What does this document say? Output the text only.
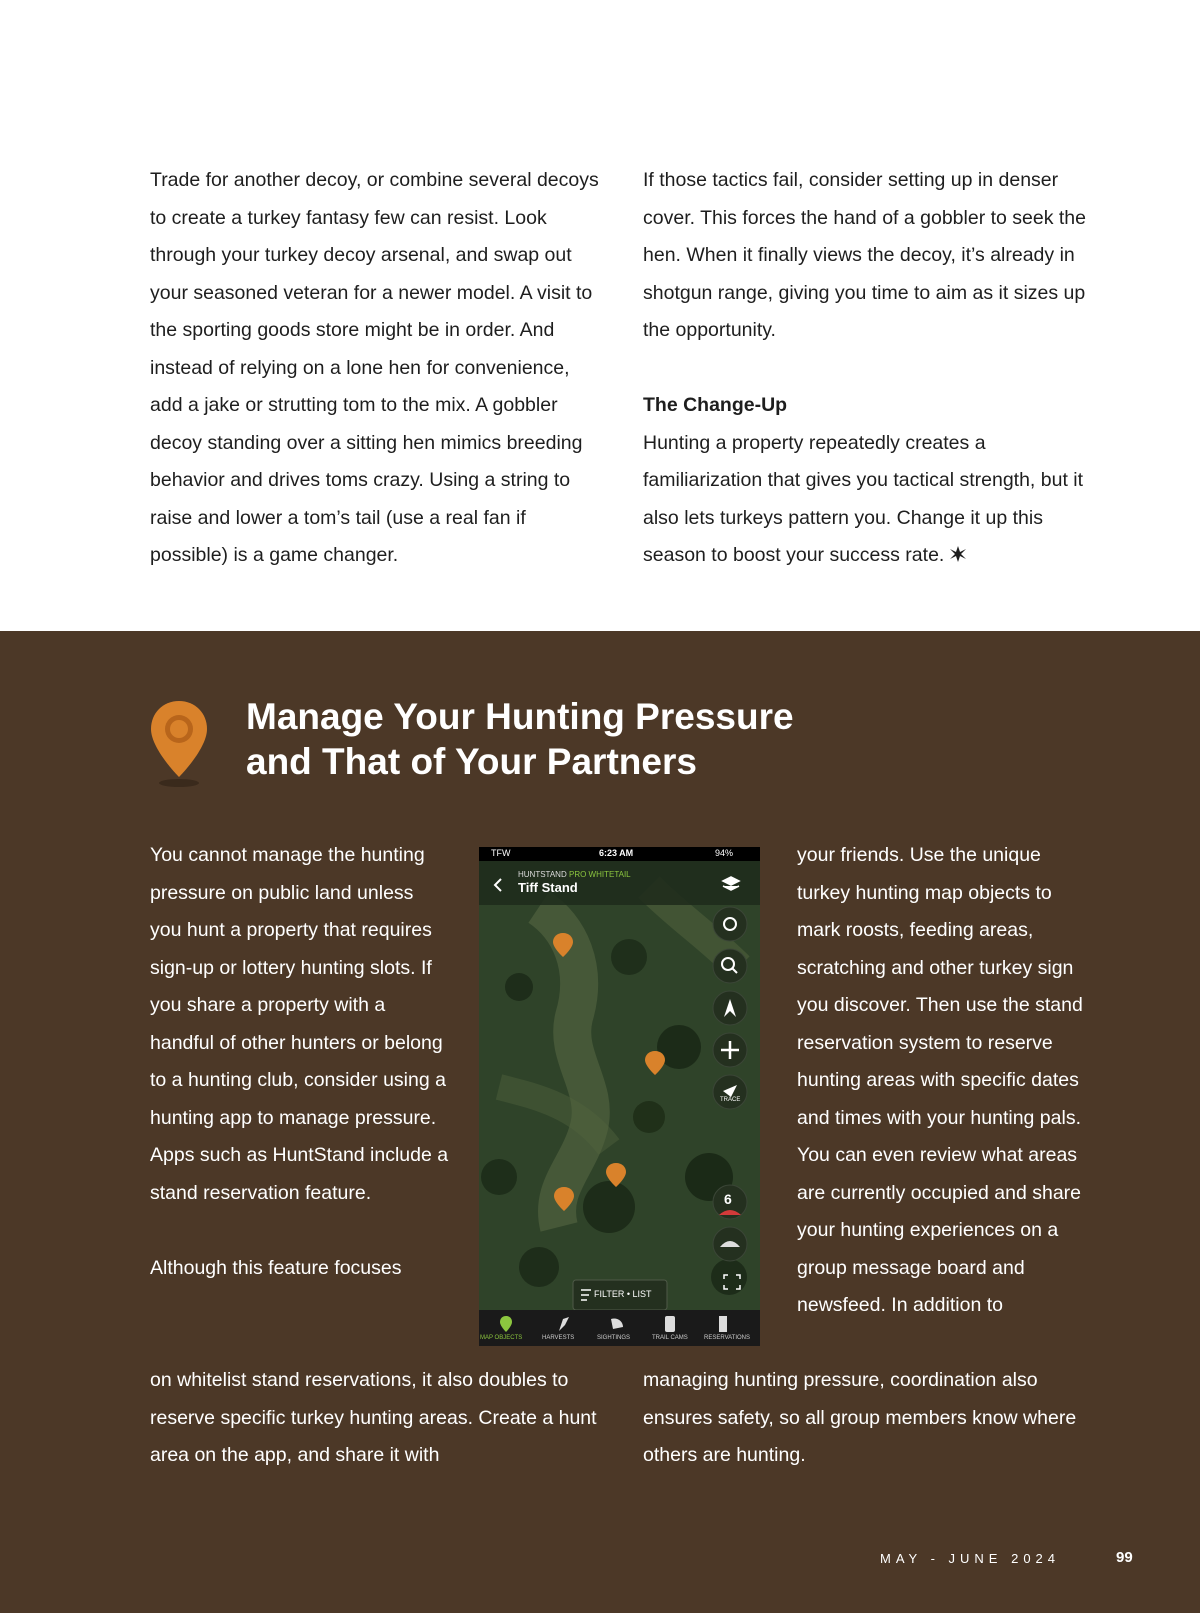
Trade for another decoy, or combine several decoys to create a turkey fantasy few can resist. Look through your turkey decoy arsenal, and swap out your seasoned veteran for a newer model. A visit to the sporting goods store might be in order. And instead of relying on a lone hen for convenience, add a jake or strutting tom to the mix. A gobbler decoy standing over a sitting hen mimics breeding behavior and drives toms crazy. Using a string to raise and lower a tom’s tail (use a real fan if possible) is a game changer.

If those tactics fail, consider setting up in denser cover. This forces the hand of a gobbler to seek the hen. When it finally views the decoy, it’s already in shotgun range, giving you time to aim as it sizes up the opportunity.

The Change-Up

Hunting a property repeatedly creates a familiarization that gives you tactical strength, but it also lets turkeys pattern you. Change it up this season to boost your success rate.

Manage Your Hunting Pressure
and That of Your Partners

You cannot manage the hunting pressure on public land unless you hunt a property that requires sign-up or lottery hunting slots. If you share a property with a handful of other hunters or belong to a hunting club, consider using a hunting app to manage pressure. Apps such as HuntStand include a stand reservation feature.

Although this feature focuses

your friends. Use the unique turkey hunting map objects to mark roosts, feeding areas, scratching and other turkey sign you discover. Then use the stand reservation system to reserve hunting areas with specific dates and times with your hunting pals. You can even review what areas are currently occupied and share your hunting experiences on a group message board and newsfeed. In addition to

on whitelist stand reservations, it also doubles to reserve specific turkey hunting areas. Create a hunt area on the app, and share it with

managing hunting pressure, coordination also ensures safety, so all group members know where others are hunting.

TFW	6:23 AM	94%
HUNTSTAND PRO WHITETAIL
Tiff Stand
TRACE
6
FILTER • LIST
MAP OBJECTS	HARVESTS	SIGHTINGS	TRAIL CAMS	RESERVATIONS
MAY - JUNE 2024	99
